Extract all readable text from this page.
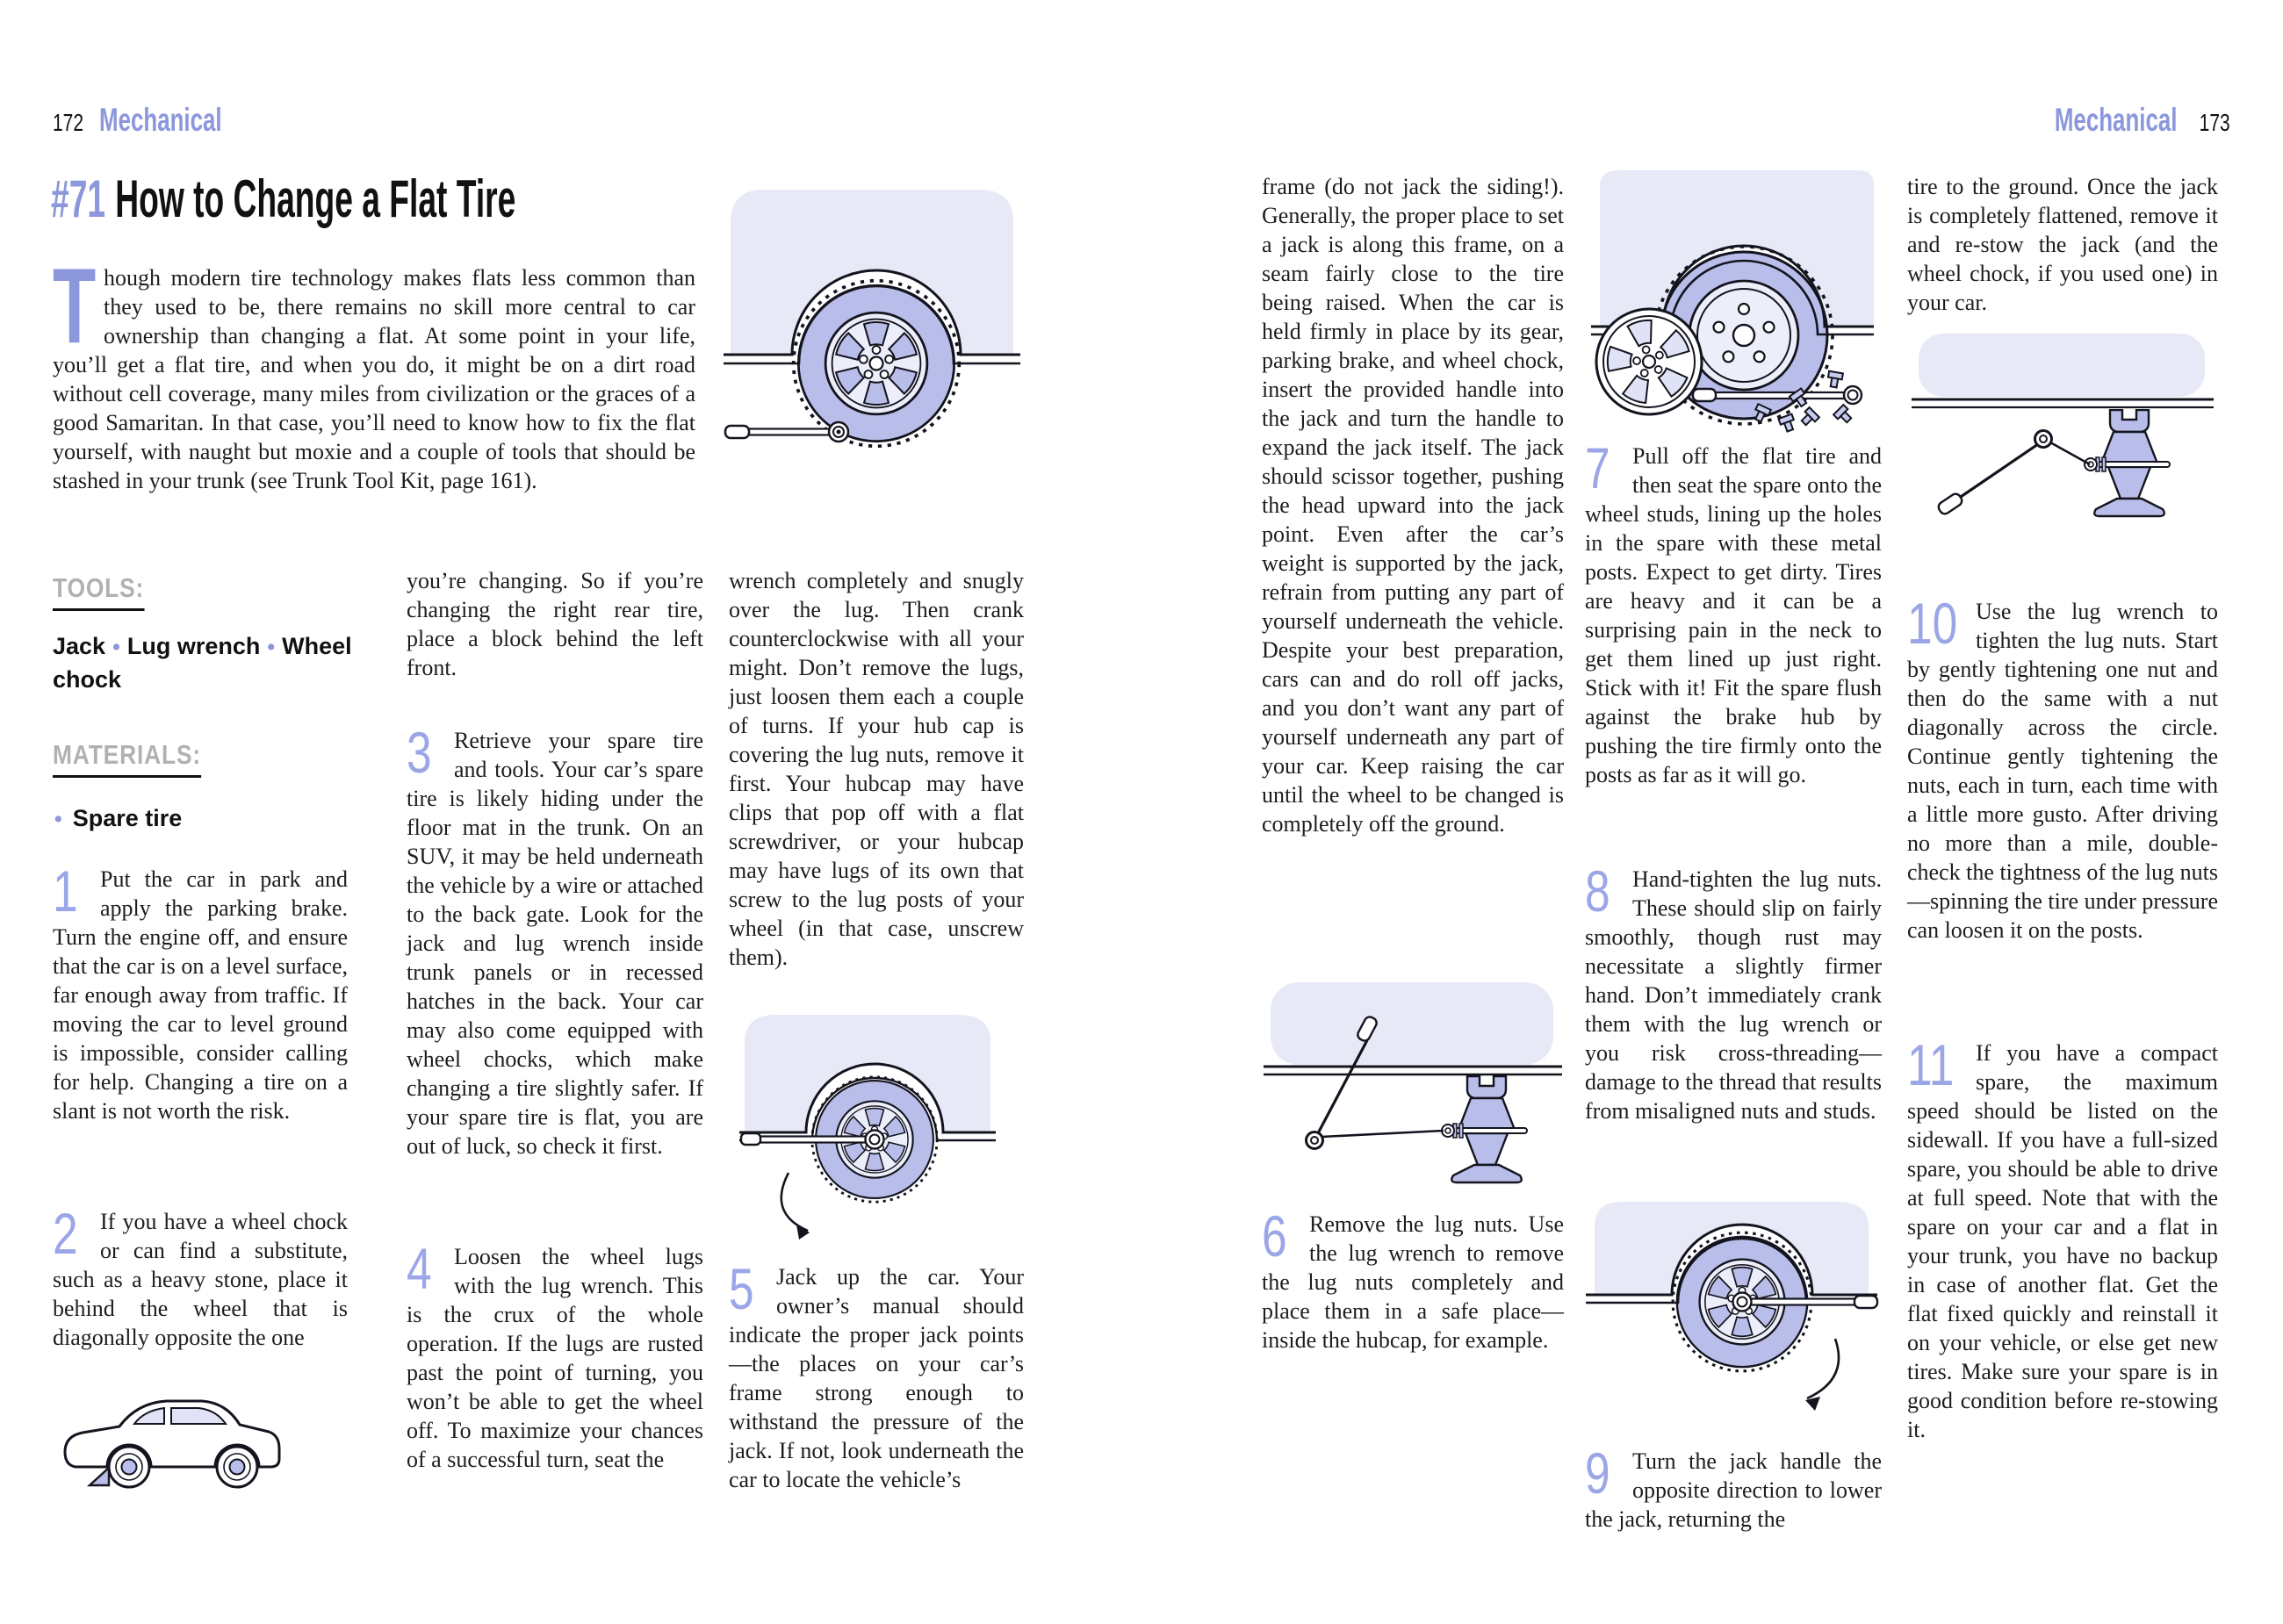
172 Mechanical
#71 How to Change a Flat Tire
Though modern tire technology makes flats less common than they used to be, there remains no skill more central to car ownership than changing a flat. At some point in your life, you’ll get a flat tire, and when you do, it might be on a dirt road without cell coverage, many miles from civilization or the graces of a good Samaritan. In that case, you’ll need to know how to fix the flat yourself, with naught but moxie and a couple of tools that should be stashed in your trunk (see Trunk Tool Kit, page 161).
TOOLS:
Jack • Lug wrench • Wheel chock
MATERIALS:
• Spare tire
1 Put the car in park and apply the parking brake. Turn the engine off, and ensure that the car is on a level surface, far enough away from traffic. If moving the car to level ground is impossible, consider calling for help. Changing a tire on a slant is not worth the risk.
2 If you have a wheel chock or can find a substitute, such as a heavy stone, place it behind the wheel that is diagonally opposite the one
you’re changing. So if you’re changing the right rear tire, place a block behind the left front.
3 Retrieve your spare tire and tools. Your car’s spare tire is likely hiding under the floor mat in the trunk. On an SUV, it may be held underneath the vehicle by a wire or attached to the back gate. Look for the jack and lug wrench inside trunk panels or in recessed hatches in the back. Your car may also come equipped with wheel chocks, which make changing a tire slightly safer. If your spare tire is flat, you are out of luck, so check it first.
4 Loosen the wheel lugs with the lug wrench. This is the crux of the whole operation. If the lugs are rusted past the point of turning, you won’t be able to get the wheel off. To maximize your chances of a successful turn, seat the
wrench completely and snugly over the lug. Then crank counterclockwise with all your might. Don’t remove the lugs, just loosen them each a couple of turns. If your hub cap is covering the lug nuts, remove it first. Your hubcap may have clips that pop off with a flat screwdriver, or your hubcap may have lugs of its own that screw to the lug posts of your wheel (in that case, unscrew them).
5 Jack up the car. Your owner’s manual should indicate the proper jack points—the places on your car’s frame strong enough to withstand the pressure of the jack. If not, look underneath the car to locate the vehicle’s
Mechanical 173
frame (do not jack the siding!). Generally, the proper place to set a jack is along this frame, on a seam fairly close to the tire being raised. When the car is held firmly in place by its gear, parking brake, and wheel chock, insert the provided handle into the jack and turn the handle to expand the jack itself. The jack should scissor together, pushing the head upward into the jack point. Even after the car’s weight is supported by the jack, refrain from putting any part of yourself underneath the vehicle. Despite your best preparation, cars can and do roll off jacks, and you don’t want any part of yourself underneath any part of your car. Keep raising the car until the wheel to be changed is completely off the ground.
6 Remove the lug nuts. Use the lug wrench to remove the lug nuts completely and place them in a safe place—inside the hubcap, for example.
7 Pull off the flat tire and then seat the spare onto the wheel studs, lining up the holes in the spare with these metal posts. Expect to get dirty. Tires are heavy and it can be a surprising pain in the neck to get them lined up just right. Stick with it! Fit the spare flush against the brake hub by pushing the tire firmly onto the posts as far as it will go.
8 Hand-tighten the lug nuts. These should slip on fairly smoothly, though rust may necessitate a slightly firmer hand. Don’t immediately crank them with the lug wrench or you risk cross-threading—damage to the thread that results from misaligned nuts and studs.
9 Turn the jack handle the opposite direction to lower the jack, returning the
tire to the ground. Once the jack is completely flattened, remove it and re-stow the jack (and the wheel chock, if you used one) in your car.
10 Use the lug wrench to tighten the lug nuts. Start by gently tightening one nut and then do the same with a nut diagonally across the circle. Continue gently tightening the nuts, each in turn, each time with a little more gusto. After driving no more than a mile, double-check the tightness of the lug nuts—spinning the tire under pressure can loosen it on the posts.
11 If you have a compact spare, the maximum speed should be listed on the sidewall. If you have a full-sized spare, you should be able to drive at full speed. Note that with the spare on your car and a flat in your trunk, you have no backup in case of another flat. Get the flat fixed quickly and reinstall it on your vehicle, or else get new tires. Make sure your spare is in good condition before re-stowing it.
